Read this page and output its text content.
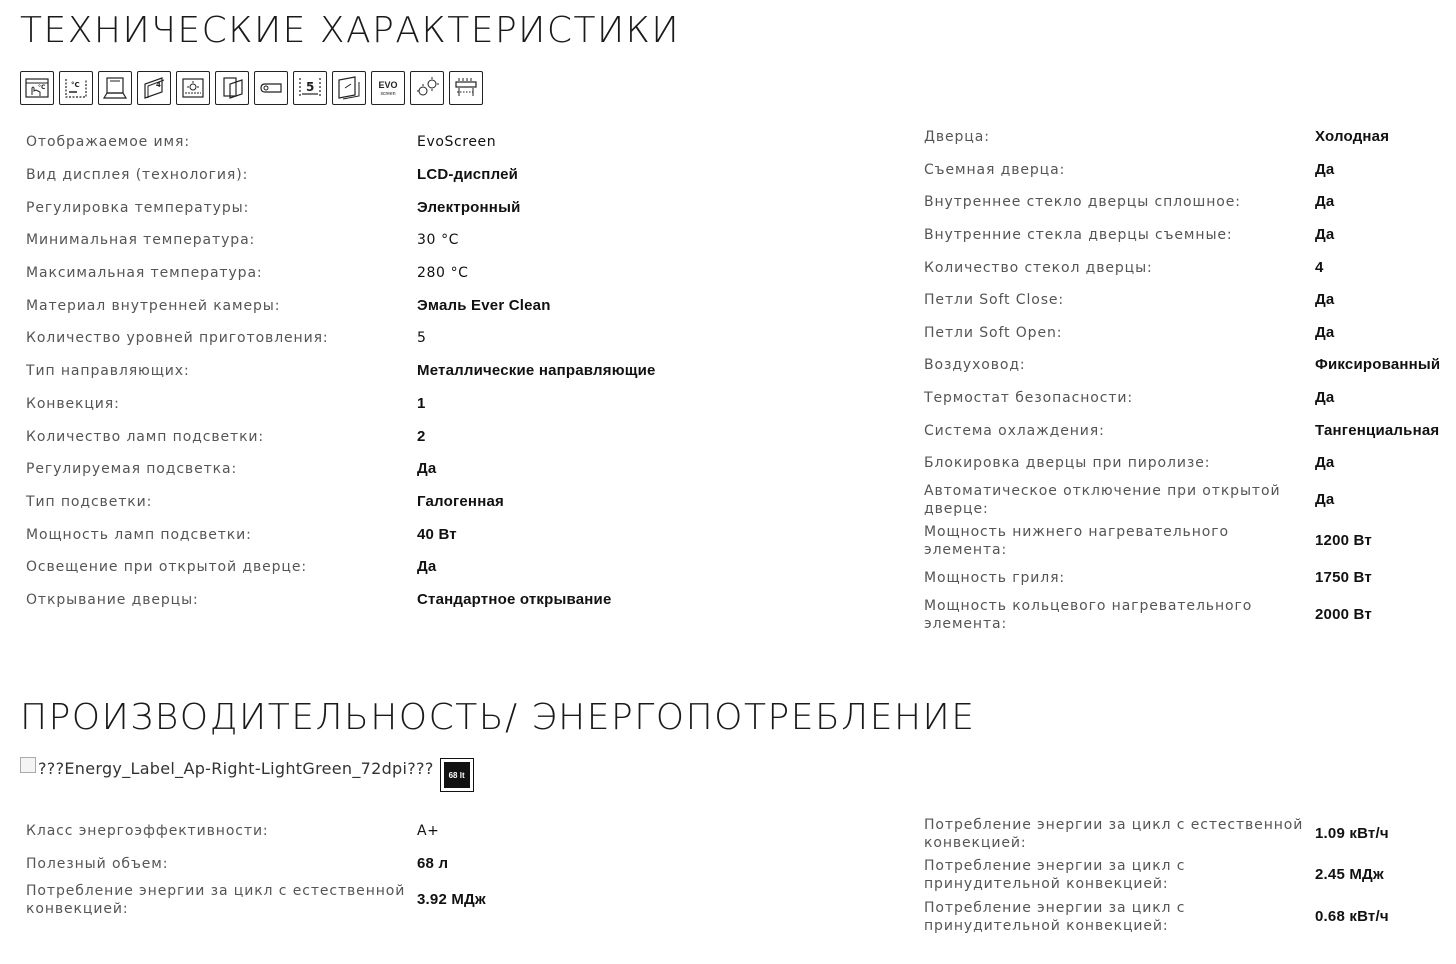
ТЕХНИЧЕСКИЕ ХАРАКТЕРИСТИКИ
°C	°C	4	5	EVO
screen
Отображаемое имя:	EvoScreen
Вид дисплея (технология):	LCD-дисплей
Регулировка температуры:	Электронный
Минимальная температура:	30 °С
Максимальная температура:	280 °С
Материал внутренней камеры:	Эмаль Ever Clean
Количество уровней приготовления:	5
Тип направляющих:	Металлические направляющие
Конвекция:	1
Количество ламп подсветки:	2
Регулируемая подсветка:	Да
Тип подсветки:	Галогенная
Мощность ламп подсветки:	40 Вт
Освещение при открытой дверце:	Да
Открывание дверцы:	Стандартное открывание
Дверца:	Холодная
Съемная дверца:	Да
Внутреннее стекло дверцы сплошное:	Да
Внутренние стекла дверцы съемные:	Да
Количество стекол дверцы:	4
Петли Soft Close:	Да
Петли Soft Open:	Да
Воздуховод:	Фиксированный
Термостат безопасности:	Да
Система охлаждения:	Тангенциальная
Блокировка дверцы при пиролизе:	Да
Автоматическое отключение при открытой дверце:
Да
Мощность нижнего нагревательного элемента:
1200 Вт
Мощность гриля:	1750 Вт
Мощность кольцевого нагревательного элемента:
2000 Вт
ПРОИЗВОДИТЕЛЬНОСТЬ/ ЭНЕРГОПОТРЕБЛЕНИЕ
???Energy_Label_Ap-Right-LightGreen_72dpi???	68 lt
Класс энергоэффективности:	A+
Полезный объем:	68 л
Потребление энергии за цикл с естественной конвекцией:
3.92 МДж
Потребление энергии за цикл с естественной конвекцией:
1.09 кВт/ч
Потребление энергии за цикл с принудительной конвекцией:
2.45 МДж
Потребление энергии за цикл с принудительной конвекцией:
0.68 кВт/ч
